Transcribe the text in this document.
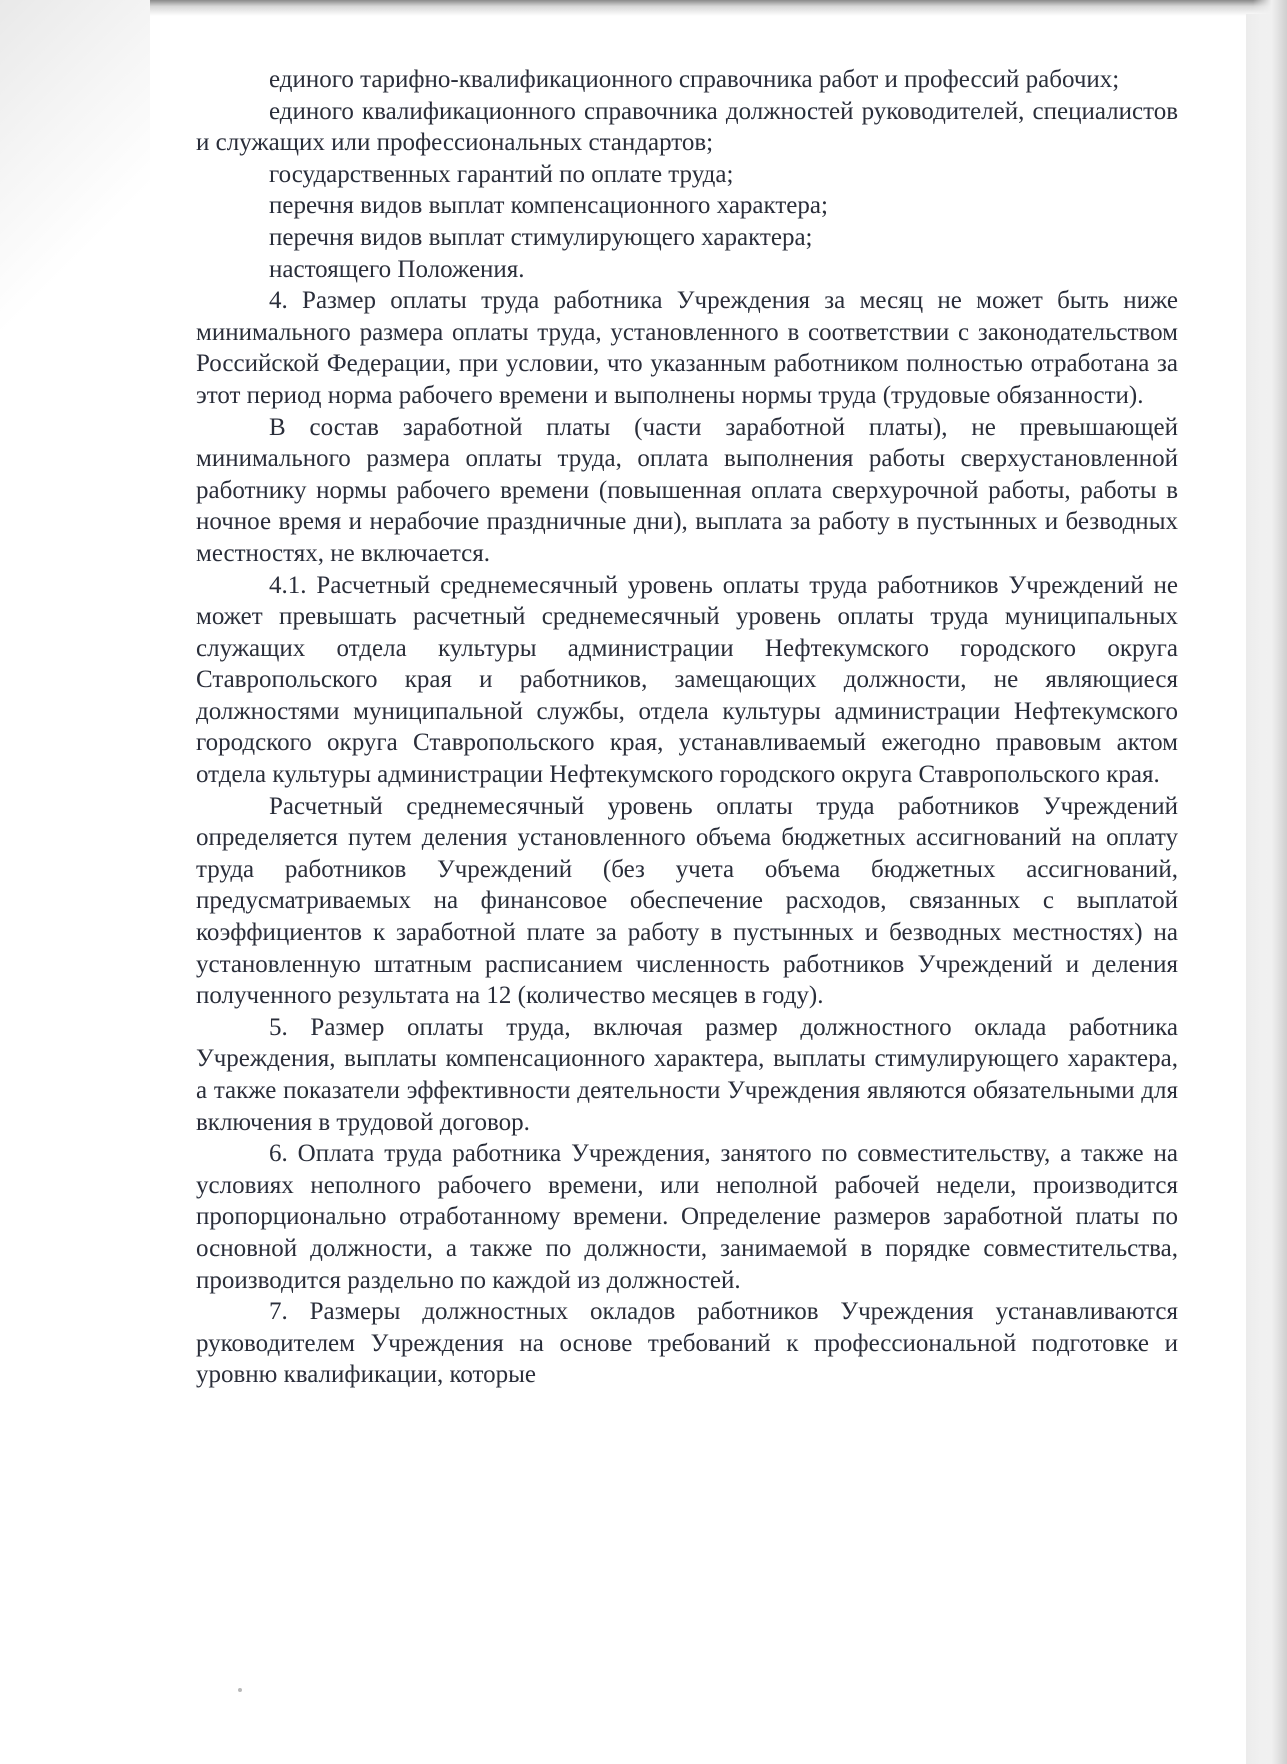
единого тарифно-квалификационного справочника работ и профессий рабочих;

единого квалификационного справочника должностей руководителей, специалистов и служащих или профессиональных стандартов;

государственных гарантий по оплате труда;

перечня видов выплат компенсационного характера;

перечня видов выплат стимулирующего характера;

настоящего Положения.

4. Размер оплаты труда работника Учреждения за месяц не может быть ниже минимального размера оплаты труда, установленного в соответствии с законодательством Российской Федерации, при условии, что указанным работником полностью отработана за этот период норма рабочего времени и выполнены нормы труда (трудовые обязанности).

В состав заработной платы (части заработной платы), не превышающей минимального размера оплаты труда, оплата выполнения работы сверхустановленной работнику нормы рабочего времени (повышенная оплата сверхурочной работы, работы в ночное время и нерабочие праздничные дни), выплата за работу в пустынных и безводных местностях, не включается.

4.1. Расчетный среднемесячный уровень оплаты труда работников Учреждений не может превышать расчетный среднемесячный уровень оплаты труда муниципальных служащих отдела культуры администрации Нефтекумского городского округа Ставропольского края и работников, замещающих должности, не являющиеся должностями муниципальной службы, отдела культуры администрации Нефтекумского городского округа Ставропольского края, устанавливаемый ежегодно правовым актом отдела культуры администрации Нефтекумского городского округа Ставропольского края.

Расчетный среднемесячный уровень оплаты труда работников Учреждений определяется путем деления установленного объема бюджетных ассигнований на оплату труда работников Учреждений (без учета объема бюджетных ассигнований, предусматриваемых на финансовое обеспечение расходов, связанных с выплатой коэффициентов к заработной плате за работу в пустынных и безводных местностях) на установленную штатным расписанием численность работников Учреждений и деления полученного результата на 12 (количество месяцев в году).

5. Размер оплаты труда, включая размер должностного оклада работника Учреждения, выплаты компенсационного характера, выплаты стимулирующего характера, а также показатели эффективности деятельности Учреждения являются обязательными для включения в трудовой договор.

6. Оплата труда работника Учреждения, занятого по совместительству, а также на условиях неполного рабочего времени, или неполной рабочей недели, производится пропорционально отработанному времени. Определение размеров заработной платы по основной должности, а также по должности, занимаемой в порядке совместительства, производится раздельно по каждой из должностей.

7. Размеры должностных окладов работников Учреждения устанавливаются руководителем Учреждения на основе требований к профессиональной подготовке и уровню квалификации, которые
